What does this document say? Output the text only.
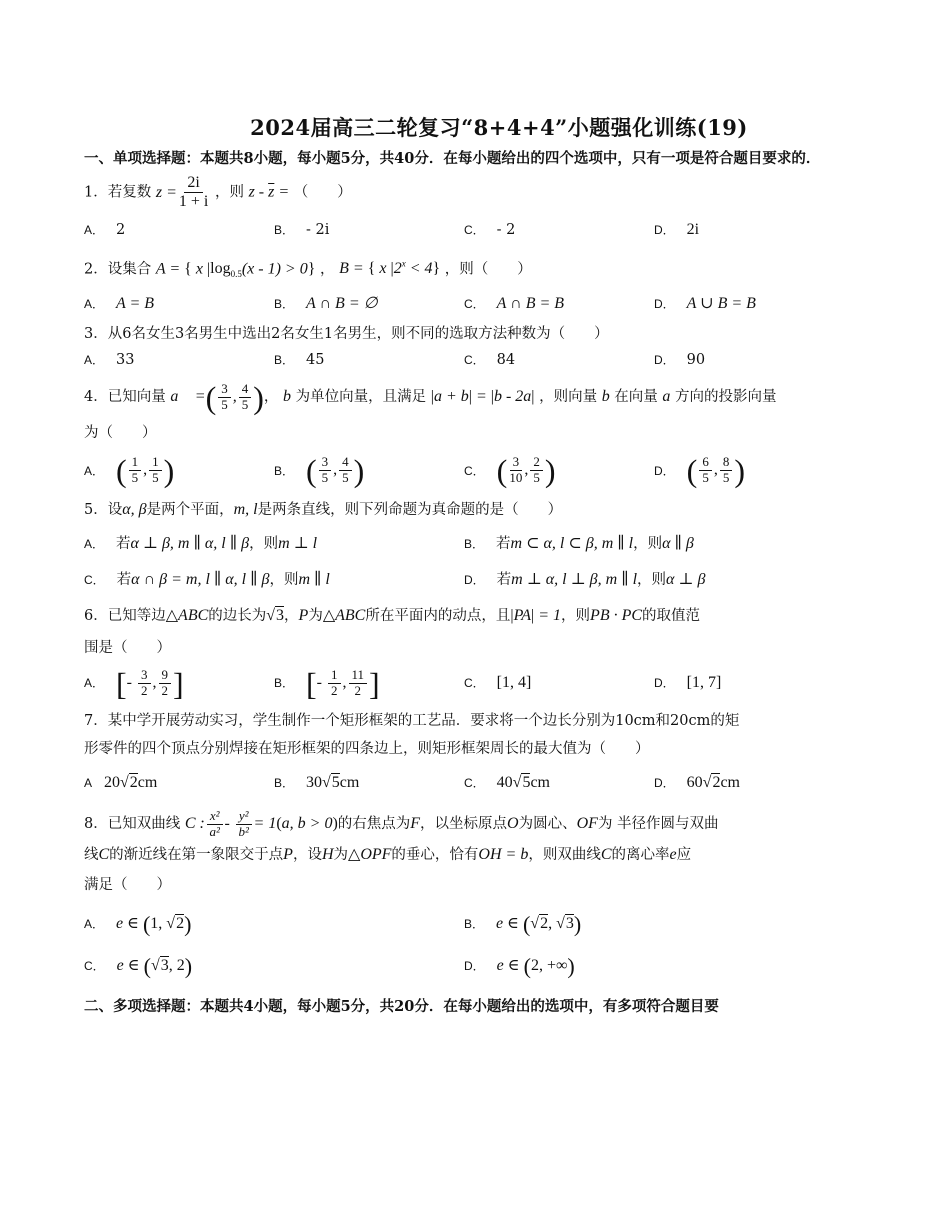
2024届高三二轮复习“8+4+4”小题强化训练(19)

一、单项选择题：本题共8小题，每小题5分，共40分．在每小题给出的四个选项中，只有一项是符合题目要求的．

1．若复数 $z = \frac{2i}{1 + i}$ ，则 z - $\overline{z}$ = （　　）
A． 2	B． - 2i	C． - 2	D． 2i
2．设集合 A = { x $|\log_{0.5}(x - 1) > 0$} ， B = { x $|2^x < 4$} ，则（　　）
A． A = B	B． A ∩ B = ∅	C． A ∩ B = B	D． A ∪ B = B
3．从6名女生3名男生中选出2名女生1名男生，则不同的选取方法种数为（　　）
A． 33	B． 45	C． 84	D． 90
4．已知向量 a⃗ =( $\frac{3}{5}$ , $\frac{4}{5}$ )， b 为单位向量，且满足 |a + b| = |b - 2a| ，则向量 b 在向量 a 方向的投影向量
为（　　）
A． ( $\frac{1}{5}$ , $\frac{1}{5}$ )	B． ( $\frac{3}{5}$ , $\frac{4}{5}$ )	C． ( $\frac{3}{10}$ , $\frac{2}{5}$ )	D． ( $\frac{6}{5}$ , $\frac{8}{5}$ )
5．设α, β是两个平面，m, l是两条直线，则下列命题为真命题的是（　　）
A． 若 α ⊥ β, m ∥ α, l ∥ β ，则 m ⊥ l	B． 若 m ⊂ α, l ⊂ β, m ∥ l ，则 α ∥ β
C． 若 α ∩ β = m, l ∥ α, l ∥ β ，则 m ∥ l	D． 若 m ⊥ α, l ⊥ β, m ∥ l ，则 α ⊥ β
6．已知等边△ABC的边长为√3，P为△ABC所在平面内的动点，且|PA| = 1，则PB · PC的取值范
围是（　　）
A． [- $\frac{3}{2}$ , $\frac{9}{2}$ ]	B． [- $\frac{1}{2}$ , $\frac{11}{2}$ ]	C． [1, 4]	D． [1, 7]
7．某中学开展劳动实习，学生制作一个矩形框架的工艺品．要求将一个边长分别为10cm和20cm的矩
形零件的四个顶点分别焊接在矩形框架的四条边上，则矩形框架周长的最大值为（　　）
A 20√2cm	B． 30√5cm	C． 40√5cm	D． 60√2cm
8．已知双曲线 C : $\frac{\text{x²}}{\text{a²}} - \frac{\text{y²}}{\text{b²}} = 1(a$, b > 0)的右焦点为F，以坐标原点O为圆心、OF为 半径作圆与双曲
线C的渐近线在第一象限交于点P，设H为△OPF的垂心，恰有OH = b，则双曲线C的离心率e应
满足（　　）
A． e ∈ (1, √2)	B． e ∈ (√2, √3)
C． e ∈ (√3, 2)	D． e ∈ (2, +∞)

二、多项选择题：本题共4小题，每小题5分，共20分．在每小题给出的选项中，有多项符合题目要
